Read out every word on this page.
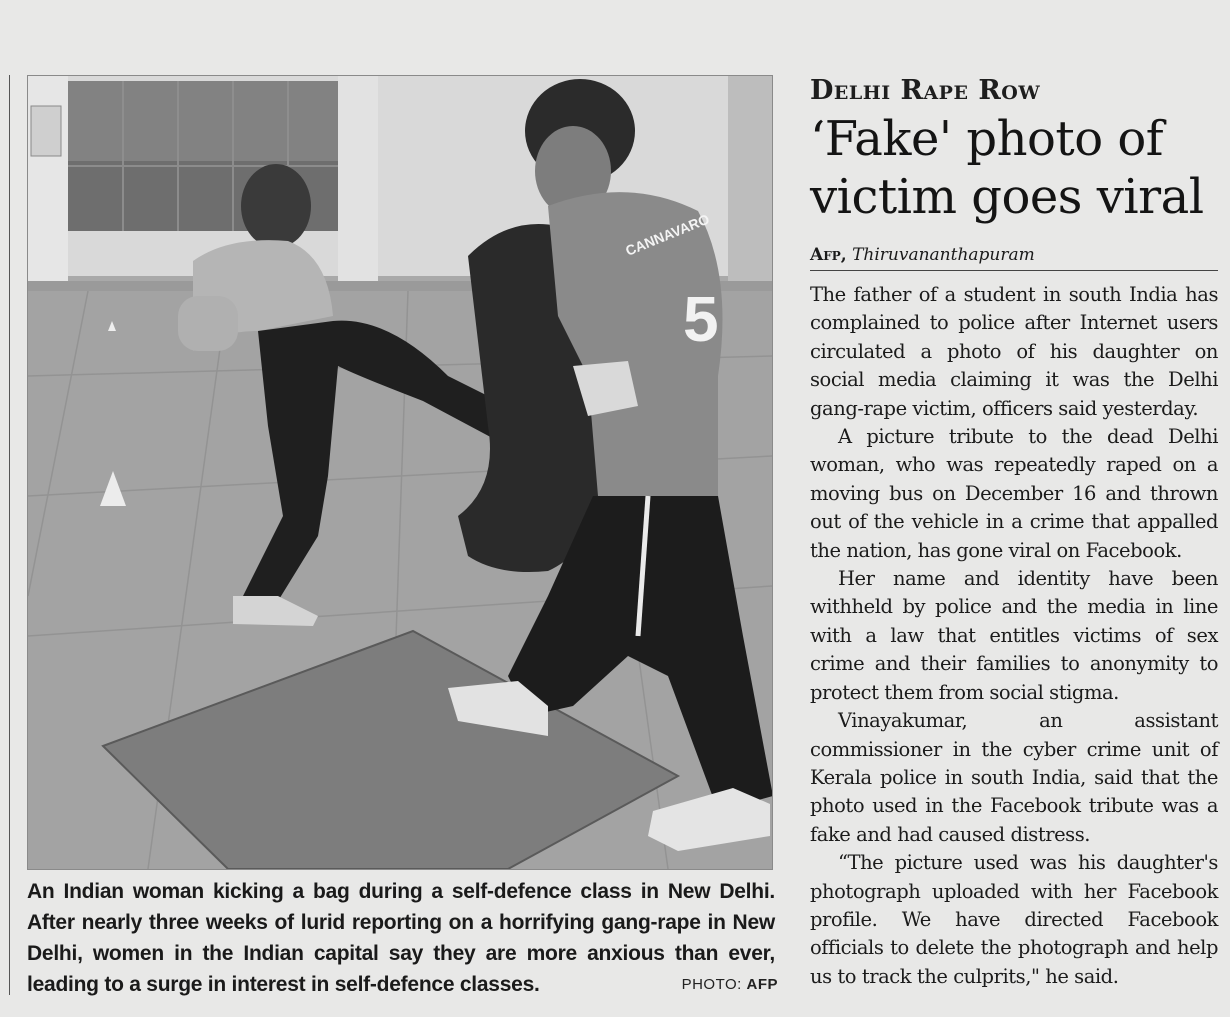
CANNAVARO
5
An Indian woman kicking a bag during a self-defence class in New Delhi. After nearly three weeks of lurid reporting on a horrifying gang-rape in New Delhi, women in the Indian capital say they are more anxious than ever, leading to a surge in interest in self-defence classes.	PHOTO: AFP
Delhi Rape Row
‘Fake' photo of victim goes viral
Afp, Thiruvananthapuram

The father of a student in south India has complained to police after Internet users circulated a photo of his daughter on social media claiming it was the Delhi gang-rape victim, officers said yesterday.

A picture tribute to the dead Delhi woman, who was repeatedly raped on a moving bus on December 16 and thrown out of the vehicle in a crime that appalled the nation, has gone viral on Facebook.

Her name and identity have been withheld by police and the media in line with a law that entitles victims of sex crime and their families to anonymity to protect them from social stigma.

Vinayakumar, an assistant commissioner in the cyber crime unit of Kerala police in south India, said that the photo used in the Facebook tribute was a fake and had caused distress.

“The picture used was his daughter's photograph uploaded with her Facebook profile. We have directed Facebook officials to delete the photograph and help us to track the culprits," he said.
